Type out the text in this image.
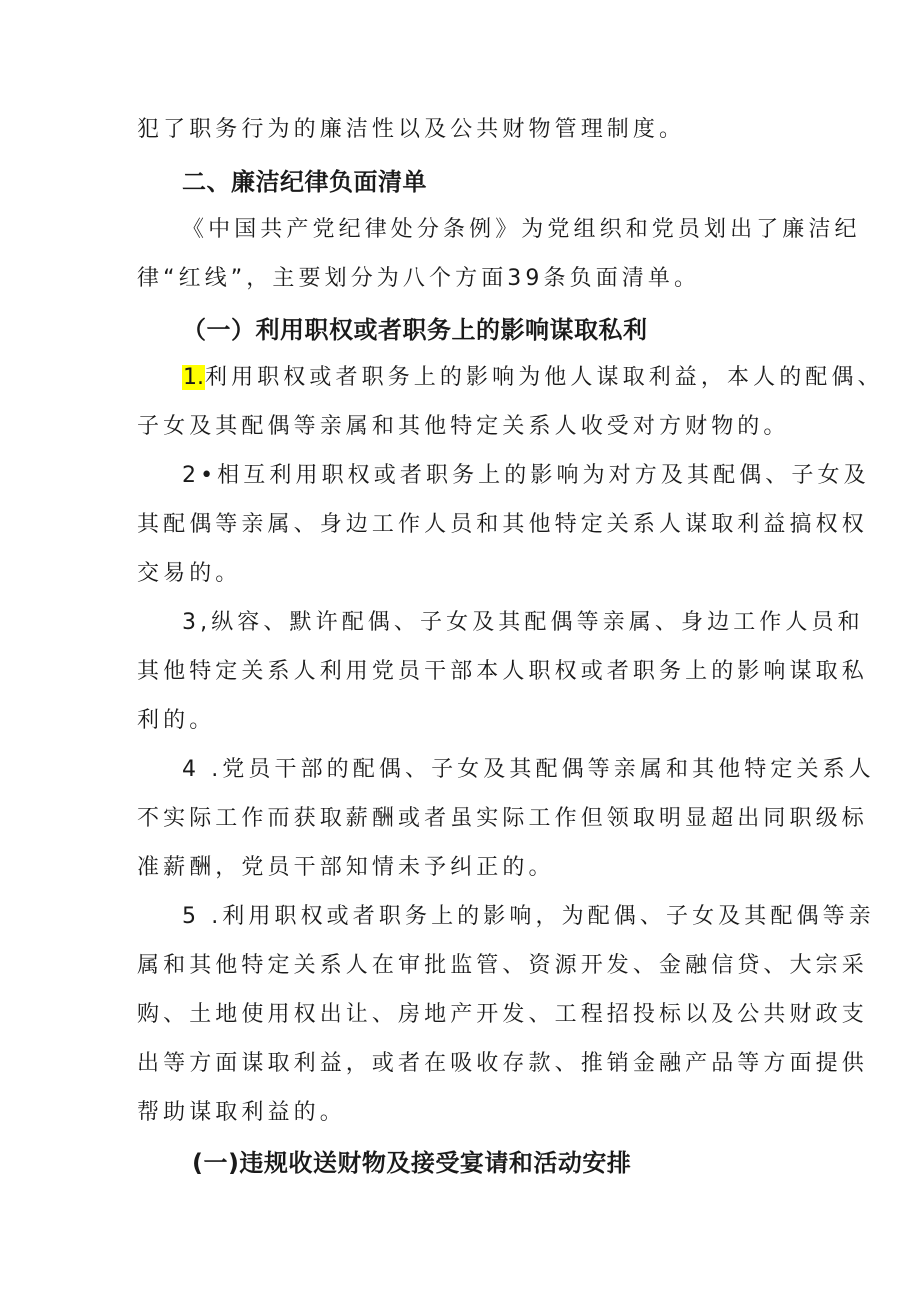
犯了职务行为的廉洁性以及公共财物管理制度。
二、廉洁纪律负面清单
《中国共产党纪律处分条例》为党组织和党员划出了廉洁纪
律“红线”，主要划分为八个方面39条负面清单。
（一）利用职权或者职务上的影响谋取私利
1.利用职权或者职务上的影响为他人谋取利益，本人的配偶、
子女及其配偶等亲属和其他特定关系人收受对方财物的。
2•相互利用职权或者职务上的影响为对方及其配偶、子女及
其配偶等亲属、身边工作人员和其他特定关系人谋取利益搞权权
交易的。
3,纵容、默许配偶、子女及其配偶等亲属、身边工作人员和
其他特定关系人利用党员干部本人职权或者职务上的影响谋取私
利的。
4 .党员干部的配偶、子女及其配偶等亲属和其他特定关系人
不实际工作而获取薪酬或者虽实际工作但领取明显超出同职级标
准薪酬，党员干部知情未予纠正的。
5 .利用职权或者职务上的影响，为配偶、子女及其配偶等亲
属和其他特定关系人在审批监管、资源开发、金融信贷、大宗采
购、土地使用权出让、房地产开发、工程招投标以及公共财政支
出等方面谋取利益，或者在吸收存款、推销金融产品等方面提供
帮助谋取利益的。
(一)违规收送财物及接受宴请和活动安排
